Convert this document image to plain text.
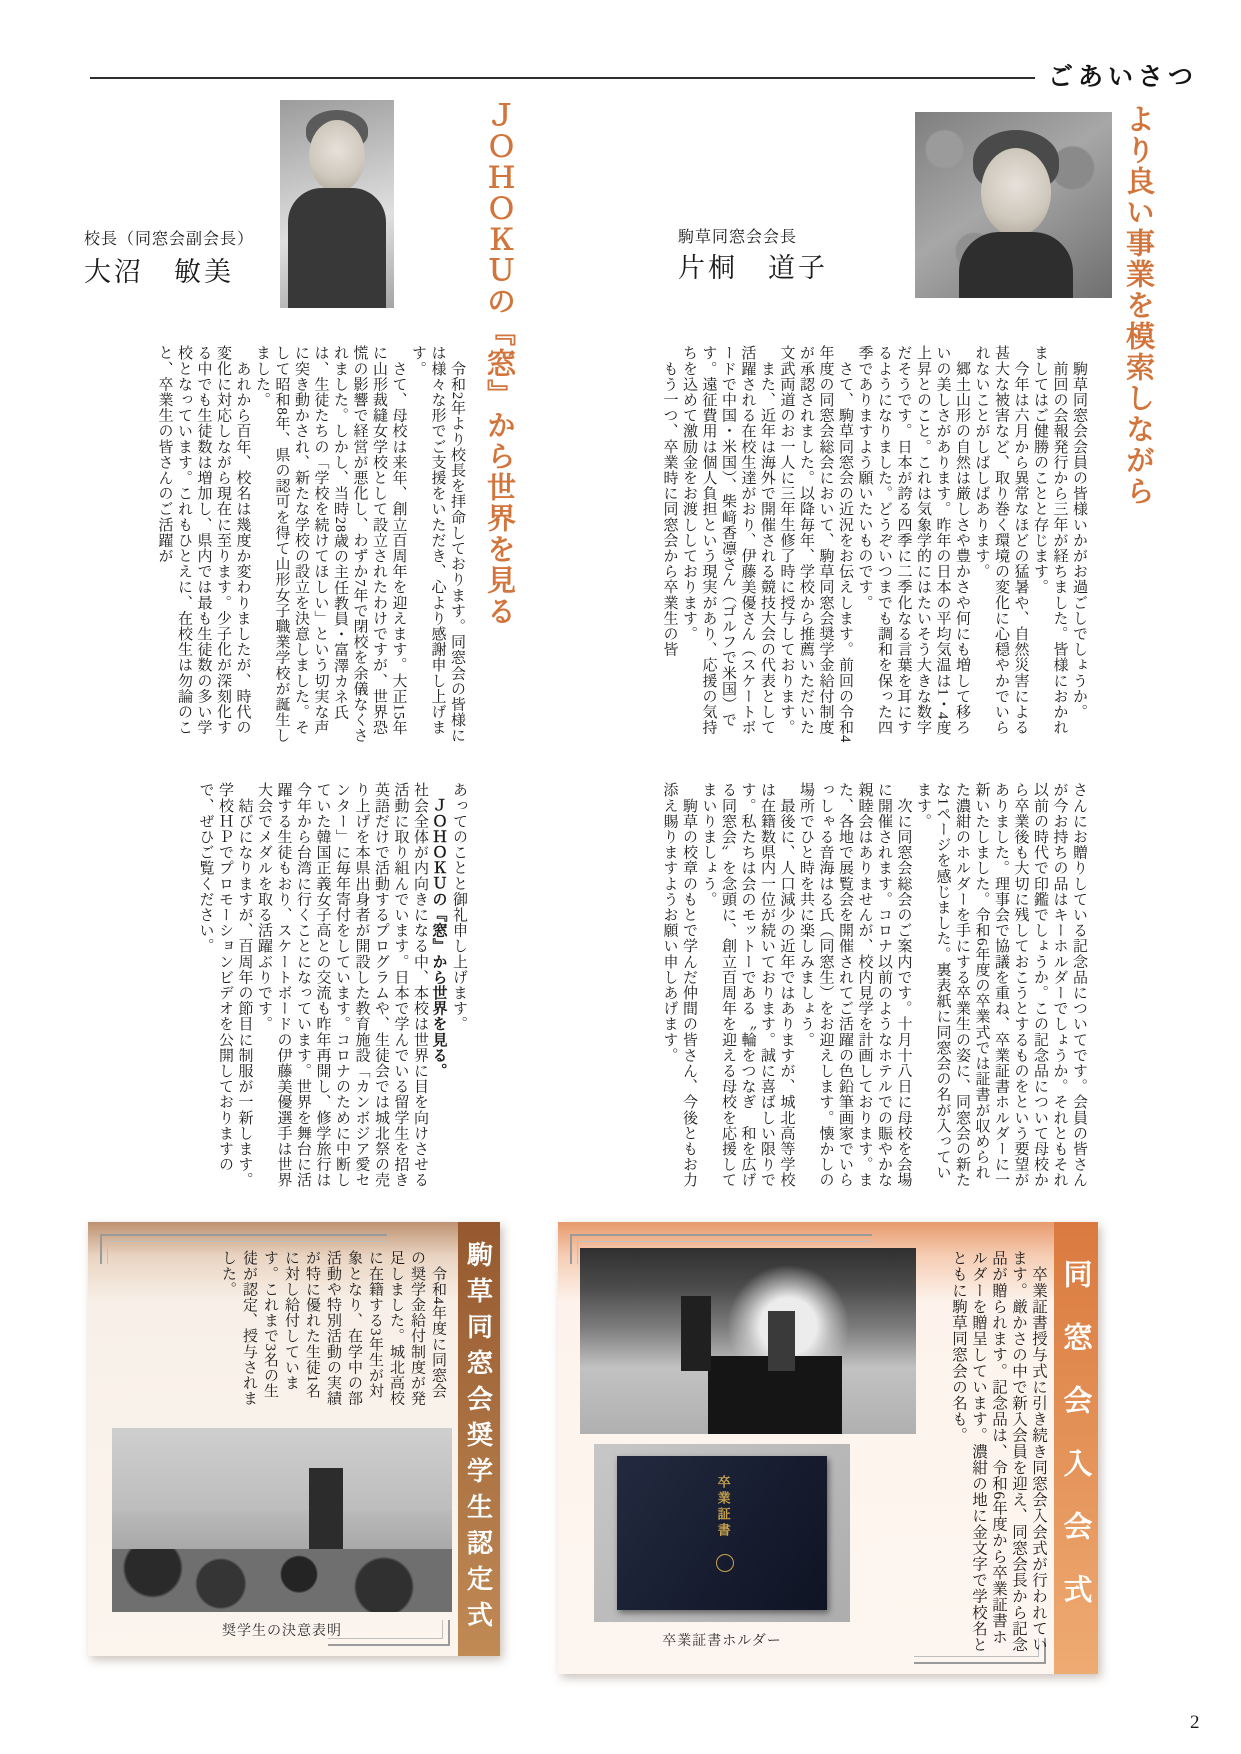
ごあいさつ
より良い事業を模索しながら
駒草同窓会会長
片桐　道子

　駒草同窓会会員の皆様いかがお過ごしでしょうか。

　前回の会報発行から三年が経ちました。皆様におかれましてはご健勝のことと存じます。

　今年は六月から異常なほどの猛暑や、自然災害による甚大な被害など、取り巻く環境の変化に心穏やかでいられないことがしばしばあります。

　郷土山形の自然は厳しさや豊かさや何にも増して移ろいの美しさがあります。昨年の日本の平均気温は1・4度上昇とのこと。これは気象学的にはたいそう大きな数字だそうです。日本が誇る四季に二季化なる言葉を耳にするようになりました。どうぞいつまでも調和を保った四季でありますよう願いたいものです。

　さて、駒草同窓会の近況をお伝えします。前回の令和4年度の同窓会総会において、駒草同窓会奨学金給付制度が承認されました。以降毎年、学校から推薦いただいた文武両道のお一人に三年生修了時に授与しております。

　また、近年は海外で開催される競技大会の代表として活躍される在校生達がおり、伊藤美優さん（スケートボードで中国・米国）、柴﨑香凛さん（ゴルフで米国）です。遠征費用は個人負担という現実があり、応援の気持ちを込めて激励金をお渡ししております。

　もう一つ、卒業時に同窓会から卒業生の皆

ＪＯＨＯＫＵの『窓』から世界を見る
校長（同窓会副会長）
大沼　敏美

　令和2年より校長を拝命しております。同窓会の皆様には様々な形でご支援をいただき、心より感謝申し上げます。

　さて、母校は来年、創立百周年を迎えます。大正15年に山形裁縫女学校として設立されたわけですが、世界恐慌の影響で経営が悪化し、わずか7年で閉校を余儀なくされました。しかし、当時28歳の主任教員・富澤カネ氏は、生徒たちの「学校を続けてほしい」という切実な声に突き動かされ、新たな学校の設立を決意しました。そして昭和8年、県の認可を得て山形女子職業学校が誕生しました。

　あれから百年、校名は幾度か変わりましたが、時代の変化に対応しながら現在に至ります。少子化が深刻化する中でも生徒数は増加し、県内では最も生徒数の多い学校となっています。これもひとえに、在校生は勿論のこと、卒業生の皆さんのご活躍が

さんにお贈りしている記念品についてです。会員の皆さんが今お持ちの品はキーホルダーでしょうか。それともそれ以前の時代で印鑑でしょうか。この記念品について母校から卒業後も大切に残しておこうとするものをという要望がありました。理事会で協議を重ね、卒業証書ホルダーに一新いたしました。令和6年度の卒業式では証書が収められた濃紺のホルダーを手にする卒業生の姿に、同窓会の新たな1ページを感じました。裏表紙に同窓会の名が入っています。

　次に同窓会総会のご案内です。十月十八日に母校を会場に開催されます。コロナ以前のようなホテルでの賑やかな親睦会はありませんが、校内見学を計画しております。また、各地で展覧会を開催されてご活躍の色鉛筆画家でいらっしゃる音海はる氏（同窓生）をお迎えします。懐かしの場所でひと時を共に楽しみましょう。

　最後に、人口減少の近年ではありますが、城北高等学校は在籍数県内一位が続いております。誠に喜ばしい限りです。私たちは会のモットーである〝輪をつなぎ　和を広げる同窓会〟を念頭に、創立百周年を迎える母校を応援してまいりましょう。

　駒草の校章のもとで学んだ仲間の皆さん、今後ともお力添え賜りますようお願い申しあげます。

あってのことと御礼申し上げます。

　ＪＯＨＯＫＵの『窓』から世界を見る。

社会全体が内向きになる中、本校は世界に目を向けさせる活動に取り組んでいます。日本で学んでいる留学生を招き英語だけで活動するプログラムや、生徒会では城北祭の売り上げを本県出身者が開設した教育施設「カンボジア愛センター」に毎年寄付をしています。コロナのために中断していた韓国正義女子高との交流も昨年再開し、修学旅行は今年から台湾に行くことになっています。世界を舞台に活躍する生徒もおり、スケートボードの伊藤美優選手は世界大会でメダルを取る活躍ぶりです。

　結びになりますが、百周年の節目に制服が一新します。学校ＨＰでプロモーションビデオを公開しておりますので、ぜひご覧ください。

駒草同窓会奨学生認定式

　令和4年度に同窓会の奨学金給付制度が発足しました。城北高校に在籍する3年生が対象となり、在学中の部活動や特別活動の実績が特に優れた生徒1名に対し給付しています。これまで3名の生徒が認定、授与されました。

奨学生の決意表明	同窓会入会式

　卒業証書授与式に引き続き同窓会入会式が行われています。厳かさの中で新入会員を迎え、同窓会長から記念品が贈られます。記念品は、令和6年度から卒業証書ホルダーを贈呈しています。濃紺の地に金文字で学校名とともに駒草同窓会の名も。

卒業証書
卒業証書ホルダー
2
